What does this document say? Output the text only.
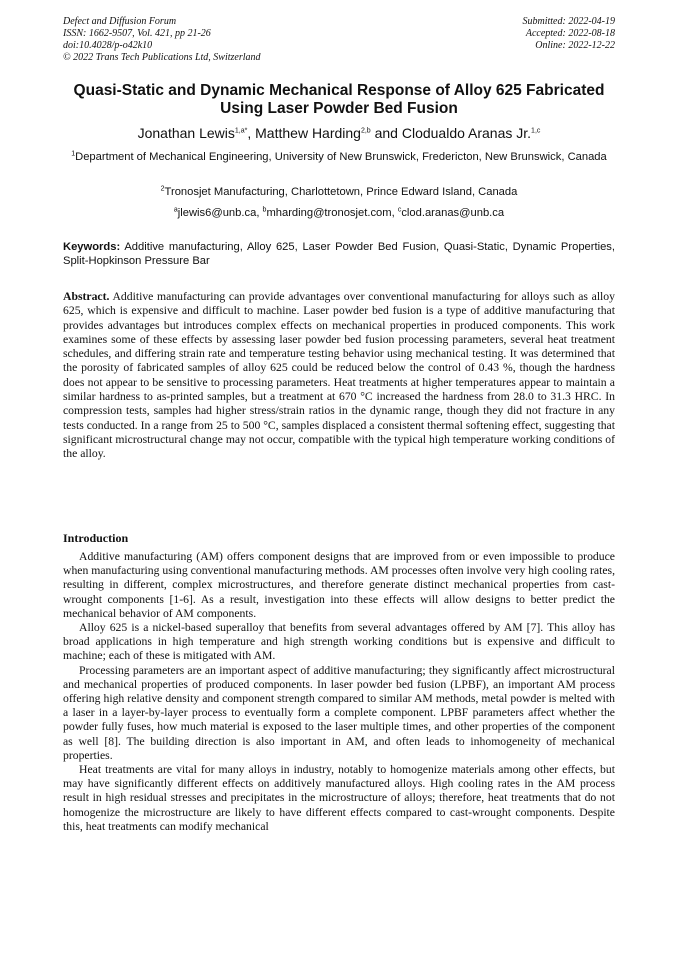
Defect and Diffusion Forum
ISSN: 1662-9507, Vol. 421, pp 21-26
doi:10.4028/p-o42k10
© 2022 Trans Tech Publications Ltd, Switzerland
Submitted: 2022-04-19
Accepted: 2022-08-18
Online: 2022-12-22
Quasi-Static and Dynamic Mechanical Response of Alloy 625 Fabricated Using Laser Powder Bed Fusion
Jonathan Lewis$^{1,a*}$, Matthew Harding$^{2,b}$ and Clodualdo Aranas Jr.$^{1,c}$
$^1$Department of Mechanical Engineering, University of New Brunswick, Fredericton, New Brunswick, Canada
$^2$Tronosjet Manufacturing, Charlottetown, Prince Edward Island, Canada
$^a$jlewis6@unb.ca, $^b$mharding@tronosjet.com, $^c$clod.aranas@unb.ca
Keywords: Additive manufacturing, Alloy 625, Laser Powder Bed Fusion, Quasi-Static, Dynamic Properties, Split-Hopkinson Pressure Bar
Abstract. Additive manufacturing can provide advantages over conventional manufacturing for alloys such as alloy 625, which is expensive and difficult to machine. Laser powder bed fusion is a type of additive manufacturing that provides advantages but introduces complex effects on mechanical properties in produced components. This work examines some of these effects by assessing laser powder bed fusion processing parameters, several heat treatment schedules, and differing strain rate and temperature testing behavior using mechanical testing. It was determined that the porosity of fabricated samples of alloy 625 could be reduced below the control of 0.43 %, though the hardness does not appear to be sensitive to processing parameters. Heat treatments at higher temperatures appear to maintain a similar hardness to as-printed samples, but a treatment at 670 °C increased the hardness from 28.0 to 31.3 HRC. In compression tests, samples had higher stress/strain ratios in the dynamic range, though they did not fracture in any tests conducted. In a range from 25 to 500 °C, samples displaced a consistent thermal softening effect, suggesting that significant microstructural change may not occur, compatible with the typical high temperature working conditions of the alloy.
Introduction

Additive manufacturing (AM) offers component designs that are improved from or even impossible to produce when manufacturing using conventional manufacturing methods. AM processes often involve very high cooling rates, resulting in different, complex microstructures, and therefore generate distinct mechanical properties from cast-wrought components [1-6]. As a result, investigation into these effects will allow designs to better predict the mechanical behavior of AM components.

Alloy 625 is a nickel-based superalloy that benefits from several advantages offered by AM [7]. This alloy has broad applications in high temperature and high strength working conditions but is expensive and difficult to machine; each of these is mitigated with AM.

Processing parameters are an important aspect of additive manufacturing; they significantly affect microstructural and mechanical properties of produced components. In laser powder bed fusion (LPBF), an important AM process offering high relative density and component strength compared to similar AM methods, metal powder is melted with a laser in a layer-by-layer process to eventually form a complete component. LPBF parameters affect whether the powder fully fuses, how much material is exposed to the laser multiple times, and other properties of the component as well [8]. The building direction is also important in AM, and often leads to inhomogeneity of mechanical properties.

Heat treatments are vital for many alloys in industry, notably to homogenize materials among other effects, but may have significantly different effects on additively manufactured alloys. High cooling rates in the AM process result in high residual stresses and precipitates in the microstructure of alloys; therefore, heat treatments that do not homogenize the microstructure are likely to have different effects compared to cast-wrought components. Despite this, heat treatments can modify mechanical
